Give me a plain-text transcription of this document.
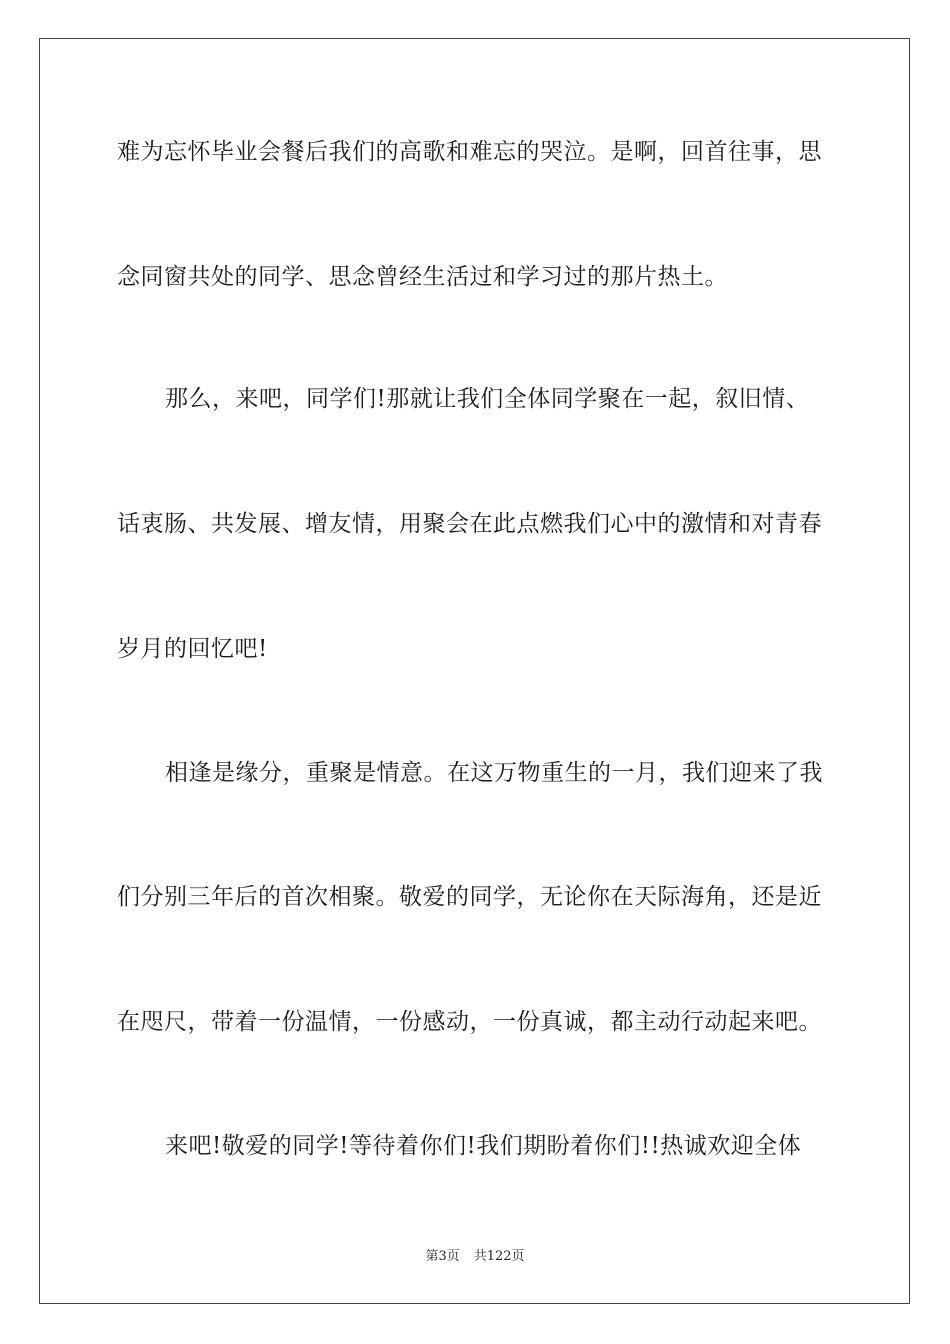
难为忘怀毕业会餐后我们的高歌和难忘的哭泣。是啊，回首往事，思
念同窗共处的同学、思念曾经生活过和学习过的那片热土。
那么，来吧，同学们!那就让我们全体同学聚在一起，叙旧情、
话衷肠、共发展、增友情，用聚会在此点燃我们心中的激情和对青春
岁月的回忆吧!
相逢是缘分，重聚是情意。在这万物重生的一月，我们迎来了我
们分别三年后的首次相聚。敬爱的同学，无论你在天际海角，还是近
在咫尺，带着一份温情，一份感动，一份真诚，都主动行动起来吧。
来吧!敬爱的同学!等待着你们!我们期盼着你们!!热诚欢迎全体
第3页 共122页
